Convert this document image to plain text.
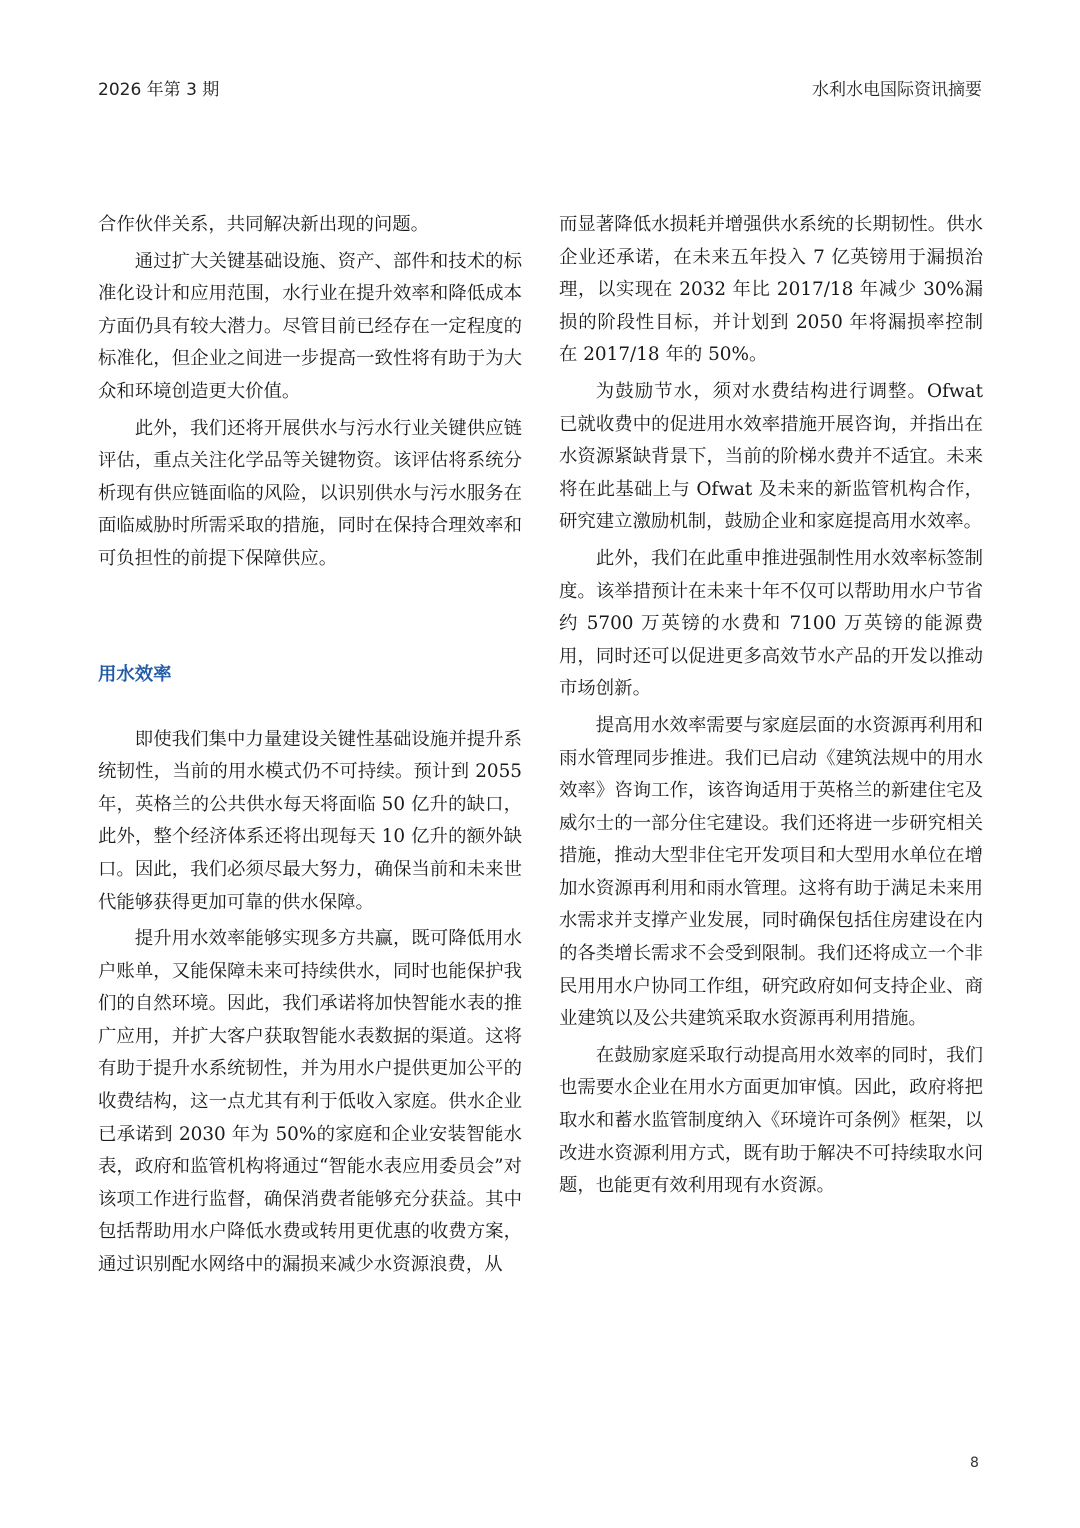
2026 年第 3 期	水利水电国际资讯摘要

合作伙伴关系，共同解决新出现的问题。

通过扩大关键基础设施、资产、部件和技术的标准化设计和应用范围，水行业在提升效率和降低成本方面仍具有较大潜力。尽管目前已经存在一定程度的标准化，但企业之间进一步提高一致性将有助于为大众和环境创造更大价值。

此外，我们还将开展供水与污水行业关键供应链评估，重点关注化学品等关键物资。该评估将系统分析现有供应链面临的风险，以识别供水与污水服务在面临威胁时所需采取的措施，同时在保持合理效率和可负担性的前提下保障供应。

用水效率

即使我们集中力量建设关键性基础设施并提升系统韧性，当前的用水模式仍不可持续。预计到 2055 年，英格兰的公共供水每天将面临 50 亿升的缺口，此外，整个经济体系还将出现每天 10 亿升的额外缺口。因此，我们必须尽最大努力，确保当前和未来世代能够获得更加可靠的供水保障。

提升用水效率能够实现多方共赢，既可降低用水户账单，又能保障未来可持续供水，同时也能保护我们的自然环境。因此，我们承诺将加快智能水表的推广应用，并扩大客户获取智能水表数据的渠道。这将有助于提升水系统韧性，并为用水户提供更加公平的收费结构，这一点尤其有利于低收入家庭。供水企业已承诺到 2030 年为 50%的家庭和企业安装智能水表，政府和监管机构将通过“智能水表应用委员会”对该项工作进行监督，确保消费者能够充分获益。其中包括帮助用水户降低水费或转用更优惠的收费方案，通过识别配水网络中的漏损来减少水资源浪费，从

而显著降低水损耗并增强供水系统的长期韧性。供水企业还承诺，在未来五年投入 7 亿英镑用于漏损治理，以实现在 2032 年比 2017/18 年减少 30%漏损的阶段性目标，并计划到 2050 年将漏损率控制在 2017/18 年的 50%。

为鼓励节水，须对水费结构进行调整。Ofwat 已就收费中的促进用水效率措施开展咨询，并指出在水资源紧缺背景下，当前的阶梯水费并不适宜。未来将在此基础上与 Ofwat 及未来的新监管机构合作，研究建立激励机制，鼓励企业和家庭提高用水效率。

此外，我们在此重申推进强制性用水效率标签制度。该举措预计在未来十年不仅可以帮助用水户节省约 5700 万英镑的水费和 7100 万英镑的能源费用，同时还可以促进更多高效节水产品的开发以推动市场创新。

提高用水效率需要与家庭层面的水资源再利用和雨水管理同步推进。我们已启动《建筑法规中的用水效率》咨询工作，该咨询适用于英格兰的新建住宅及威尔士的一部分住宅建设。我们还将进一步研究相关措施，推动大型非住宅开发项目和大型用水单位在增加水资源再利用和雨水管理。这将有助于满足未来用水需求并支撑产业发展，同时确保包括住房建设在内的各类增长需求不会受到限制。我们还将成立一个非民用用水户协同工作组，研究政府如何支持企业、商业建筑以及公共建筑采取水资源再利用措施。

在鼓励家庭采取行动提高用水效率的同时，我们也需要水企业在用水方面更加审慎。因此，政府将把取水和蓄水监管制度纳入《环境许可条例》框架，以改进水资源利用方式，既有助于解决不可持续取水问题，也能更有效利用现有水资源。

8
